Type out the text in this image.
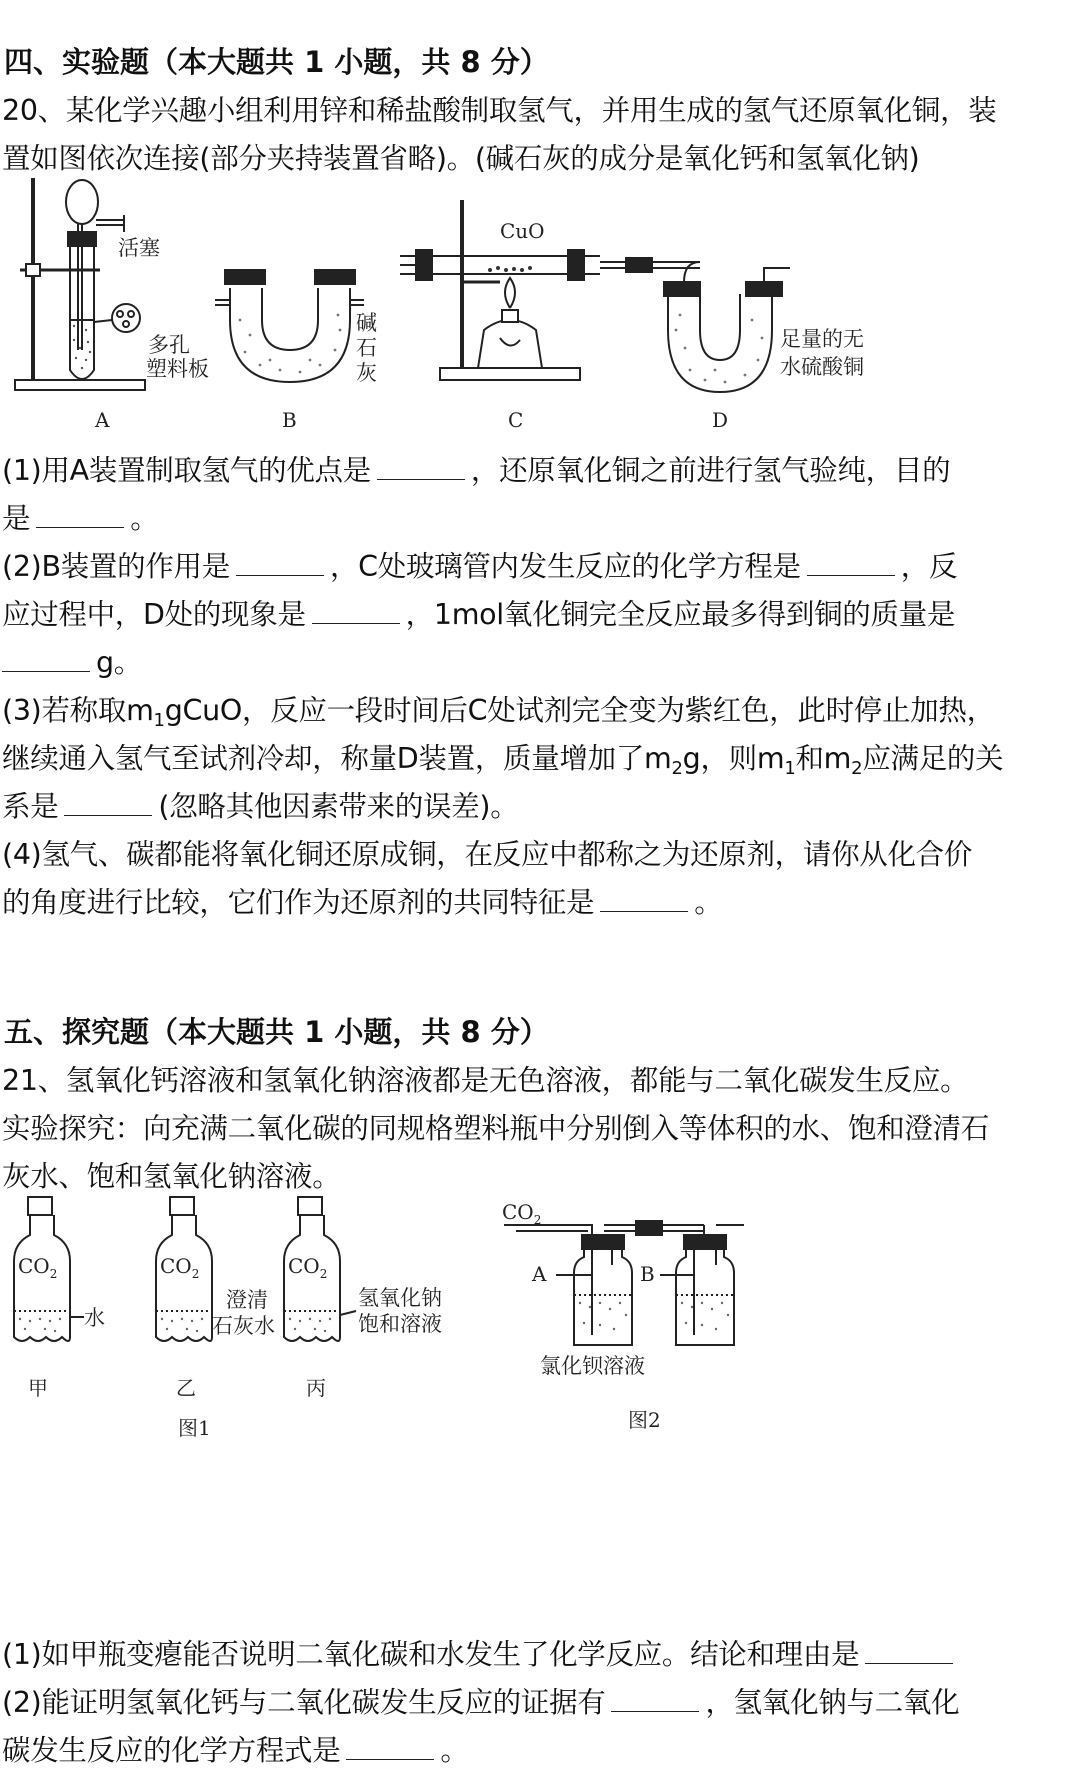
四、实验题（本大题共 1 小题，共 8 分）
20、某化学兴趣小组利用锌和稀盐酸制取氢气，并用生成的氢气还原氧化铜，装
置如图依次连接(部分夹持装置省略)。(碱石灰的成分是氧化钙和氢氧化钠)
活塞
多孔
塑料板
A
碱
石
灰
B
CuO
C
足量的无
水硫酸铜
D
(1)用A装置制取氢气的优点是	，还原氧化铜之前进行氢气验纯，目的
是	。
(2)B装置的作用是	，C处玻璃管内发生反应的化学方程是	，反
应过程中，D处的现象是	，1mol氧化铜完全反应最多得到铜的质量是
g。
(3)若称取$m_1gCuO$，反应一段时间后C处试剂完全变为紫红色，此时停止加热，
继续通入氢气至试剂冷却，称量D装置，质量增加了$m_2g$，则$m_1$和$m_2$应满足的关
系是	(忽略其他因素带来的误差)。
(4)氢气、碳都能将氧化铜还原成铜，在反应中都称之为还原剂，请你从化合价
的角度进行比较，它们作为还原剂的共同特征是	。
五、探究题（本大题共 1 小题，共 8 分）
21、氢氧化钙溶液和氢氧化钠溶液都是无色溶液，都能与二氧化碳发生反应。
实验探究：向充满二氧化碳的同规格塑料瓶中分别倒入等体积的水、饱和澄清石
灰水、饱和氢氧化钠溶液。
$CO_2$
水
甲
$CO_2$
澄清
石灰水
乙
$CO_2$
氢氧化钠
饱和溶液
丙
图1
$CO_2$
A	B
氯化钡溶液
图2
(1)如甲瓶变瘪能否说明二氧化碳和水发生了化学反应。结论和理由是
(2)能证明氢氧化钙与二氧化碳发生反应的证据有	，氢氧化钠与二氧化
碳发生反应的化学方程式是	。
